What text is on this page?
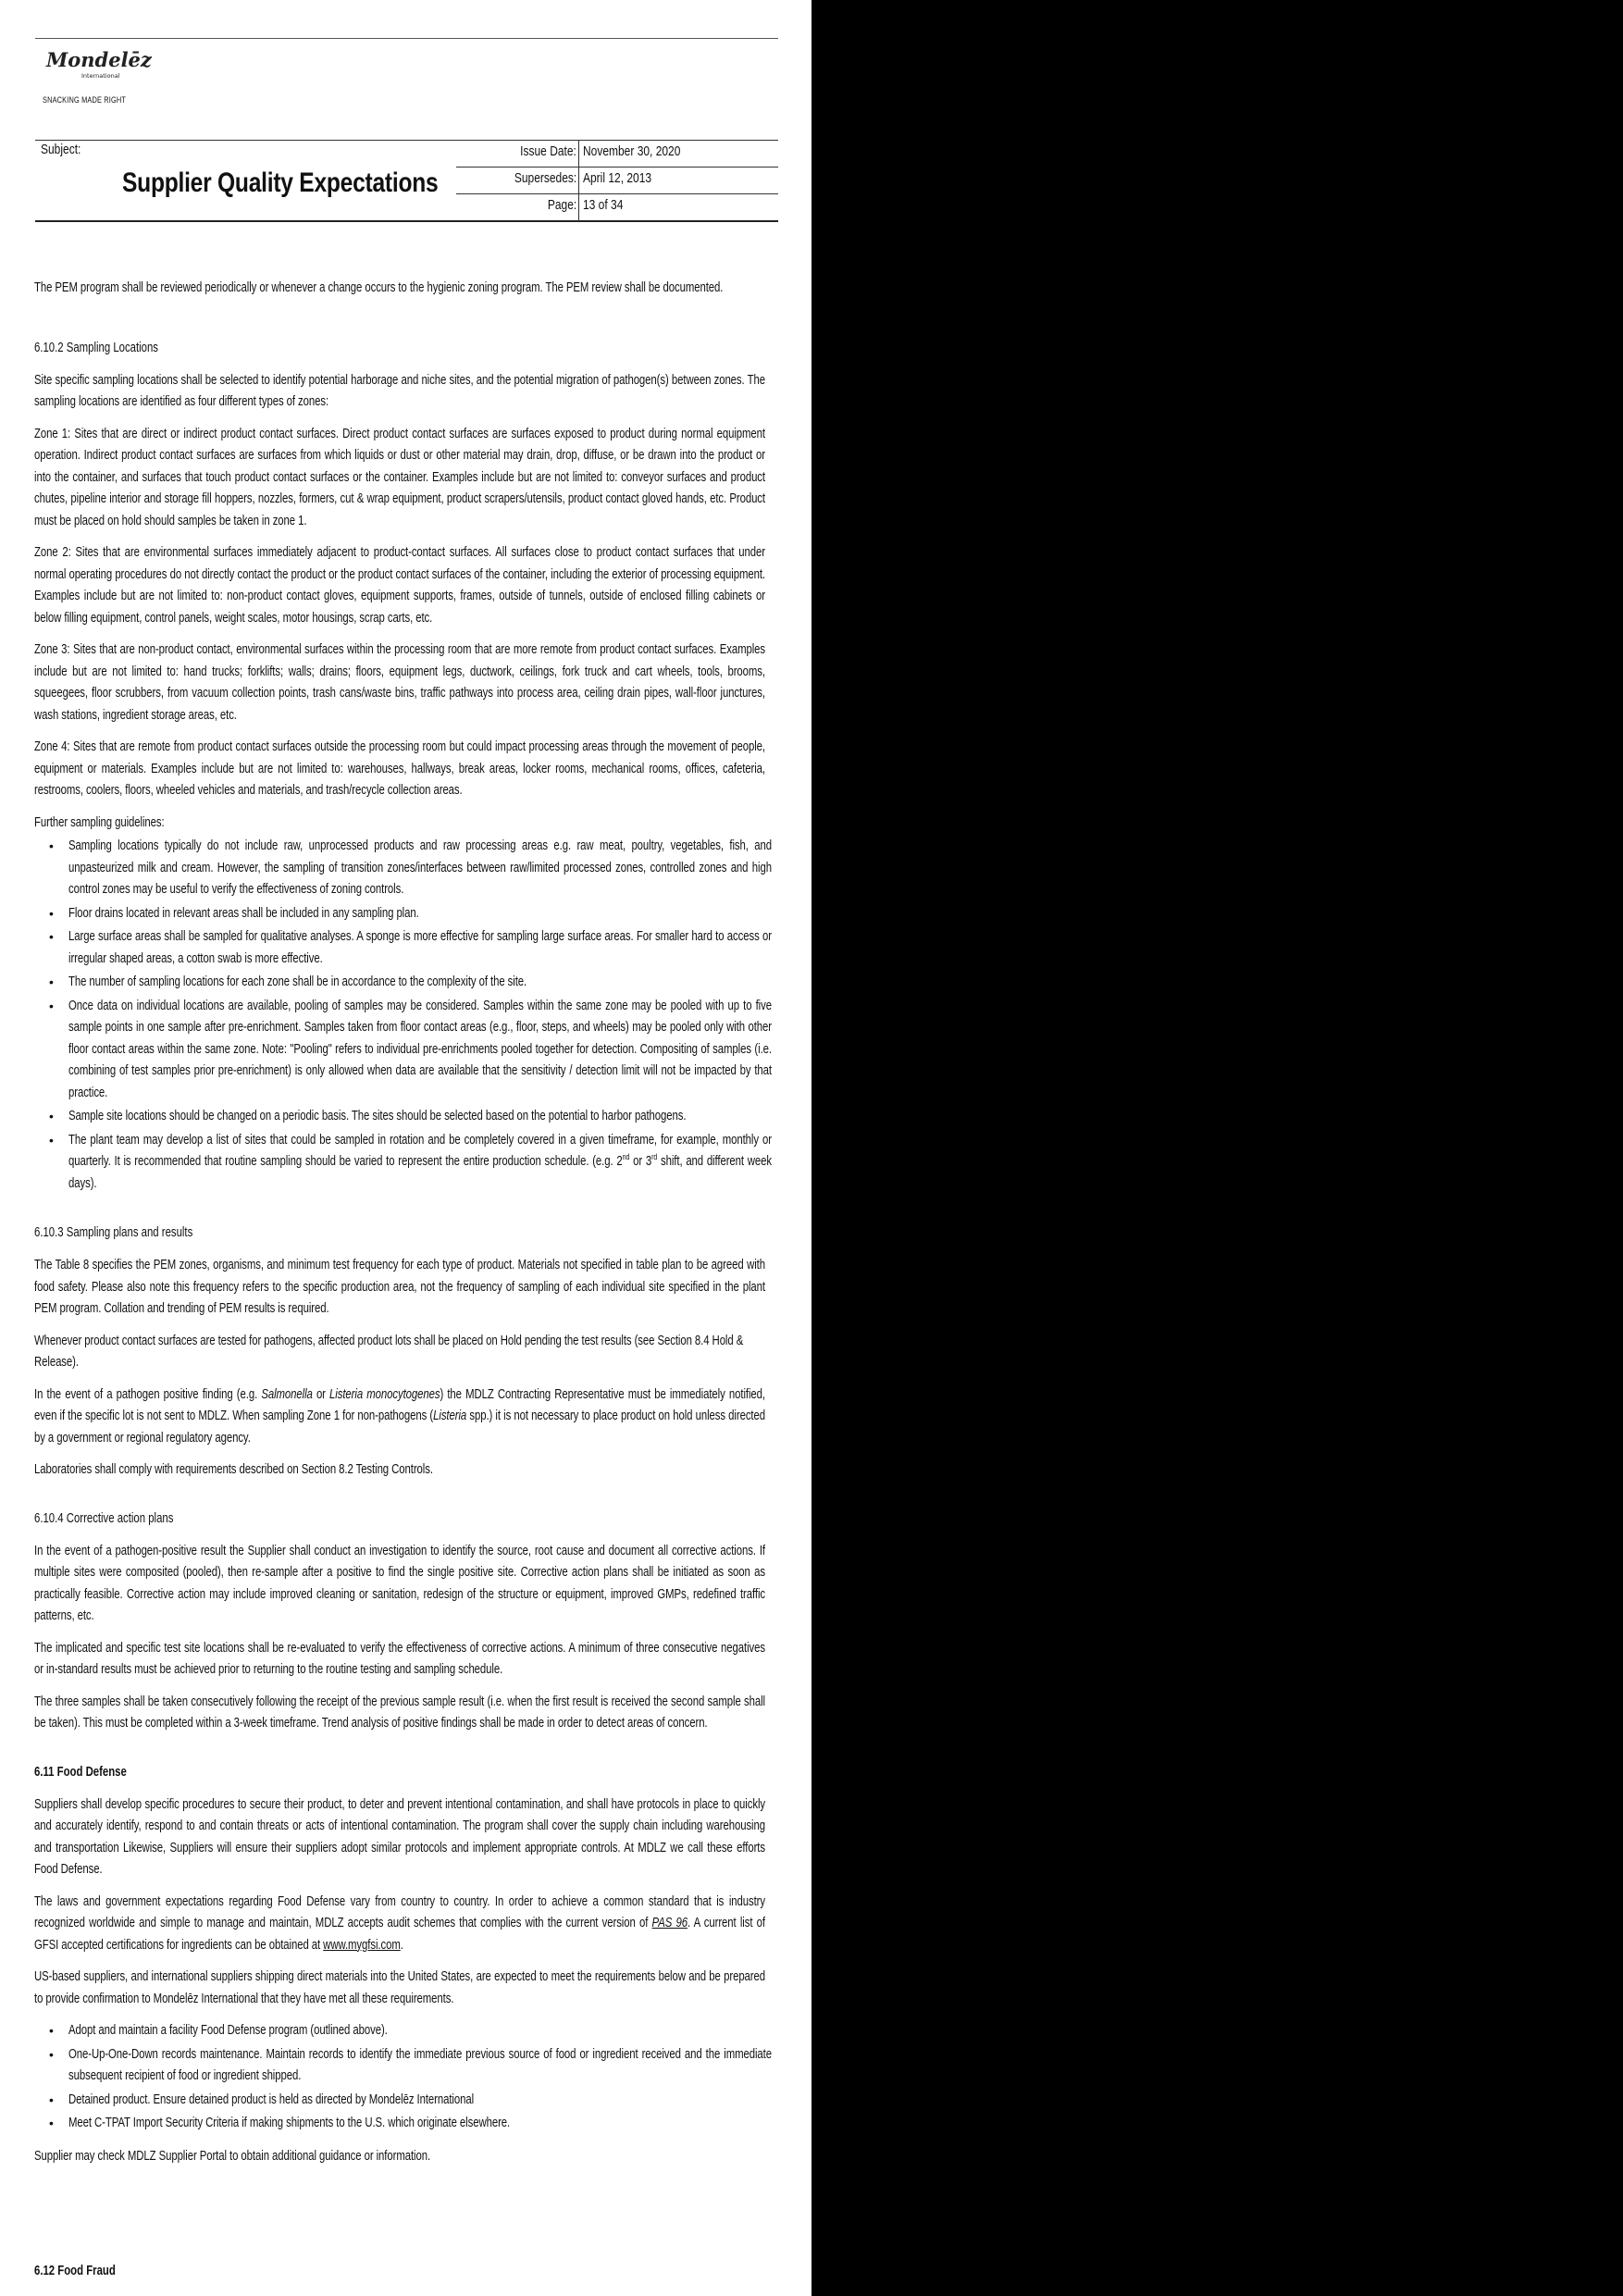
Mondelēz
International
SNACKING MADE RIGHT
Subject:
Supplier Quality Expectations
Issue Date: November 30, 2020
Supersedes: April 12, 2013
Page: 13 of 34

The PEM program shall be reviewed periodically or whenever a change occurs to the hygienic zoning program. The PEM review shall be documented.

6.10.2 Sampling Locations

Site specific sampling locations shall be selected to identify potential harborage and niche sites, and the potential migration of pathogen(s) between zones. The sampling locations are identified as four different types of zones:

Zone 1: Sites that are direct or indirect product contact surfaces. Direct product contact surfaces are surfaces exposed to product during normal equipment operation. Indirect product contact surfaces are surfaces from which liquids or dust or other material may drain, drop, diffuse, or be drawn into the product or into the container, and surfaces that touch product contact surfaces or the container. Examples include but are not limited to: conveyor surfaces and product chutes, pipeline interior and storage fill hoppers, nozzles, formers, cut & wrap equipment, product scrapers/utensils, product contact gloved hands, etc. Product must be placed on hold should samples be taken in zone 1.

Zone 2: Sites that are environmental surfaces immediately adjacent to product-contact surfaces. All surfaces close to product contact surfaces that under normal operating procedures do not directly contact the product or the product contact surfaces of the container, including the exterior of processing equipment. Examples include but are not limited to: non-product contact gloves, equipment supports, frames, outside of tunnels, outside of enclosed filling cabinets or below filling equipment, control panels, weight scales, motor housings, scrap carts, etc.

Zone 3: Sites that are non-product contact, environmental surfaces within the processing room that are more remote from product contact surfaces. Examples include but are not limited to: hand trucks; forklifts; walls; drains; floors, equipment legs, ductwork, ceilings, fork truck and cart wheels, tools, brooms, squeegees, floor scrubbers, from vacuum collection points, trash cans/waste bins, traffic pathways into process area, ceiling drain pipes, wall-floor junctures, wash stations, ingredient storage areas, etc.

Zone 4: Sites that are remote from product contact surfaces outside the processing room but could impact processing areas through the movement of people, equipment or materials. Examples include but are not limited to: warehouses, hallways, break areas, locker rooms, mechanical rooms, offices, cafeteria, restrooms, coolers, floors, wheeled vehicles and materials, and trash/recycle collection areas.

Further sampling guidelines:

• Sampling locations typically do not include raw, unprocessed products and raw processing areas e.g. raw meat, poultry, vegetables, fish, and unpasteurized milk and cream. However, the sampling of transition zones/interfaces between raw/limited processed zones, controlled zones and high control zones may be useful to verify the effectiveness of zoning controls.

• Floor drains located in relevant areas shall be included in any sampling plan.

• Large surface areas shall be sampled for qualitative analyses. A sponge is more effective for sampling large surface areas. For smaller hard to access or irregular shaped areas, a cotton swab is more effective.

• The number of sampling locations for each zone shall be in accordance to the complexity of the site.

• Once data on individual locations are available, pooling of samples may be considered. Samples within the same zone may be pooled with up to five sample points in one sample after pre-enrichment. Samples taken from floor contact areas (e.g., floor, steps, and wheels) may be pooled only with other floor contact areas within the same zone. Note: "Pooling" refers to individual pre-enrichments pooled together for detection. Compositing of samples (i.e. combining of test samples prior pre-enrichment) is only allowed when data are available that the sensitivity / detection limit will not be impacted by that practice.

• Sample site locations should be changed on a periodic basis. The sites should be selected based on the potential to harbor pathogens.

• The plant team may develop a list of sites that could be sampled in rotation and be completely covered in a given timeframe, for example, monthly or quarterly. It is recommended that routine sampling should be varied to represent the entire production schedule. (e.g. 2nd or 3rd shift, and different week days).

6.10.3 Sampling plans and results

The Table 8 specifies the PEM zones, organisms, and minimum test frequency for each type of product. Materials not specified in table plan to be agreed with food safety. Please also note this frequency refers to the specific production area, not the frequency of sampling of each individual site specified in the plant PEM program. Collation and trending of PEM results is required.

Whenever product contact surfaces are tested for pathogens, affected product lots shall be placed on Hold pending the test results (see Section 8.4 Hold & Release).

In the event of a pathogen positive finding (e.g. Salmonella or Listeria monocytogenes) the MDLZ Contracting Representative must be immediately notified, even if the specific lot is not sent to MDLZ. When sampling Zone 1 for non-pathogens (Listeria spp.) it is not necessary to place product on hold unless directed by a government or regional regulatory agency.

Laboratories shall comply with requirements described on Section 8.2 Testing Controls.

6.10.4 Corrective action plans

In the event of a pathogen-positive result the Supplier shall conduct an investigation to identify the source, root cause and document all corrective actions. If multiple sites were composited (pooled), then re-sample after a positive to find the single positive site. Corrective action plans shall be initiated as soon as practically feasible. Corrective action may include improved cleaning or sanitation, redesign of the structure or equipment, improved GMPs, redefined traffic patterns, etc.

The implicated and specific test site locations shall be re-evaluated to verify the effectiveness of corrective actions. A minimum of three consecutive negatives or in-standard results must be achieved prior to returning to the routine testing and sampling schedule.

The three samples shall be taken consecutively following the receipt of the previous sample result (i.e. when the first result is received the second sample shall be taken). This must be completed within a 3-week timeframe. Trend analysis of positive findings shall be made in order to detect areas of concern.

6.11 Food Defense

Suppliers shall develop specific procedures to secure their product, to deter and prevent intentional contamination, and shall have protocols in place to quickly and accurately identify, respond to and contain threats or acts of intentional contamination. The program shall cover the supply chain including warehousing and transportation Likewise, Suppliers will ensure their suppliers adopt similar protocols and implement appropriate controls. At MDLZ we call these efforts Food Defense.

The laws and government expectations regarding Food Defense vary from country to country. In order to achieve a common standard that is industry recognized worldwide and simple to manage and maintain, MDLZ accepts audit schemes that complies with the current version of PAS 96. A current list of GFSI accepted certifications for ingredients can be obtained at www.mygfsi.com.

US-based suppliers, and international suppliers shipping direct materials into the United States, are expected to meet the requirements below and be prepared to provide confirmation to Mondelēz International that they have met all these requirements.

• Adopt and maintain a facility Food Defense program (outlined above).

• One-Up-One-Down records maintenance. Maintain records to identify the immediate previous source of food or ingredient received and the immediate subsequent recipient of food or ingredient shipped.

• Detained product. Ensure detained product is held as directed by Mondelēz International

• Meet C-TPAT Import Security Criteria if making shipments to the U.S. which originate elsewhere.

Supplier may check MDLZ Supplier Portal to obtain additional guidance or information.

6.12 Food Fraud
